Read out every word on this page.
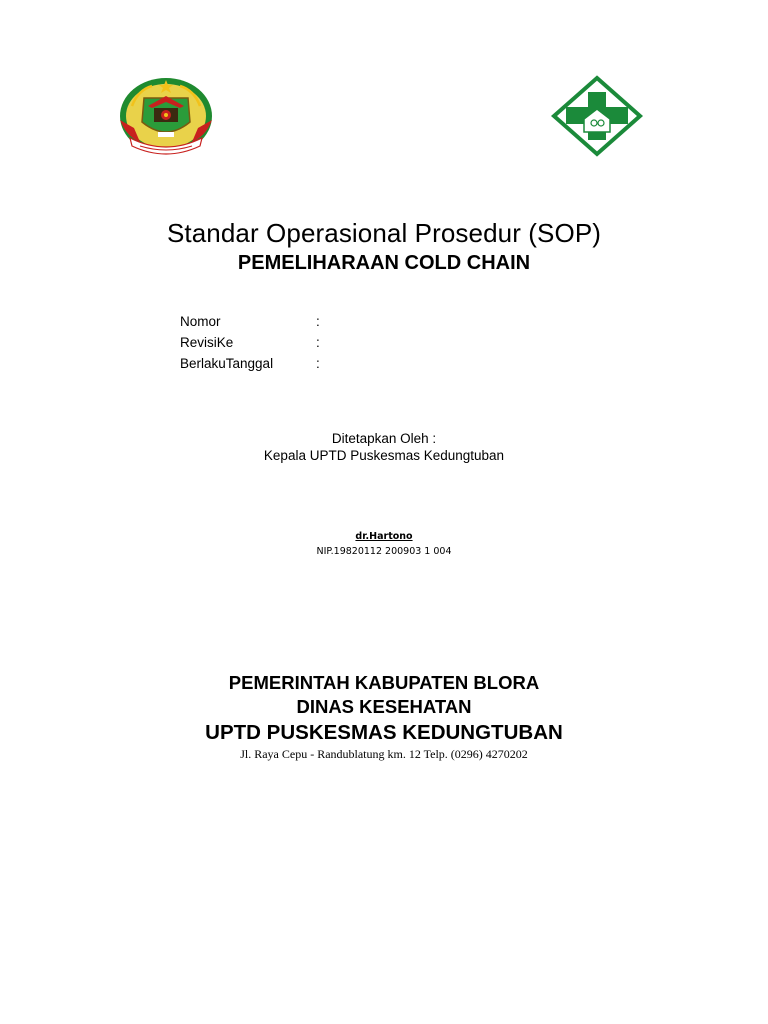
Standar Operasional Prosedur (SOP)
PEMELIHARAAN COLD CHAIN
Nomor	:
RevisiKe	:
BerlakuTanggal	:
Ditetapkan Oleh :
Kepala UPTD Puskesmas Kedungtuban
dr.Hartono
NIP.19820112 200903 1 004
PEMERINTAH KABUPATEN BLORA
DINAS KESEHATAN
UPTD PUSKESMAS KEDUNGTUBAN
Jl. Raya Cepu - Randublatung km. 12 Telp. (0296) 4270202
